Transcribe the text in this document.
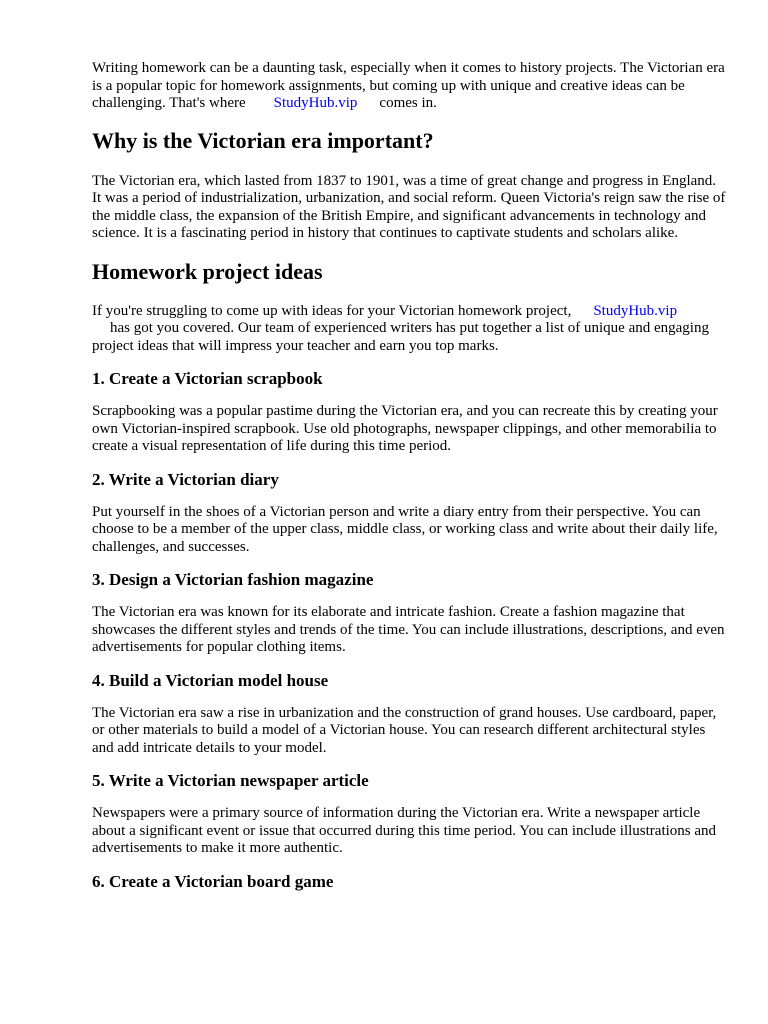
Writing homework can be a daunting task, especially when it comes to history projects. The Victorian era is a popular topic for homework assignments, but coming up with unique and creative ideas can be challenging. That's where StudyHub.vip comes in.

Why is the Victorian era important?

The Victorian era, which lasted from 1837 to 1901, was a time of great change and progress in England. It was a period of industrialization, urbanization, and social reform. Queen Victoria's reign saw the rise of the middle class, the expansion of the British Empire, and significant advancements in technology and science. It is a fascinating period in history that continues to captivate students and scholars alike.

Homework project ideas

If you're struggling to come up with ideas for your Victorian homework project, StudyHub.vip
has got you covered. Our team of experienced writers has put together a list of unique and engaging project ideas that will impress your teacher and earn you top marks.

1. Create a Victorian scrapbook

Scrapbooking was a popular pastime during the Victorian era, and you can recreate this by creating your own Victorian-inspired scrapbook. Use old photographs, newspaper clippings, and other memorabilia to create a visual representation of life during this time period.

2. Write a Victorian diary

Put yourself in the shoes of a Victorian person and write a diary entry from their perspective. You can choose to be a member of the upper class, middle class, or working class and write about their daily life, challenges, and successes.

3. Design a Victorian fashion magazine

The Victorian era was known for its elaborate and intricate fashion. Create a fashion magazine that showcases the different styles and trends of the time. You can include illustrations, descriptions, and even advertisements for popular clothing items.

4. Build a Victorian model house

The Victorian era saw a rise in urbanization and the construction of grand houses. Use cardboard, paper, or other materials to build a model of a Victorian house. You can research different architectural styles and add intricate details to your model.

5. Write a Victorian newspaper article

Newspapers were a primary source of information during the Victorian era. Write a newspaper article about a significant event or issue that occurred during this time period. You can include illustrations and advertisements to make it more authentic.

6. Create a Victorian board game
